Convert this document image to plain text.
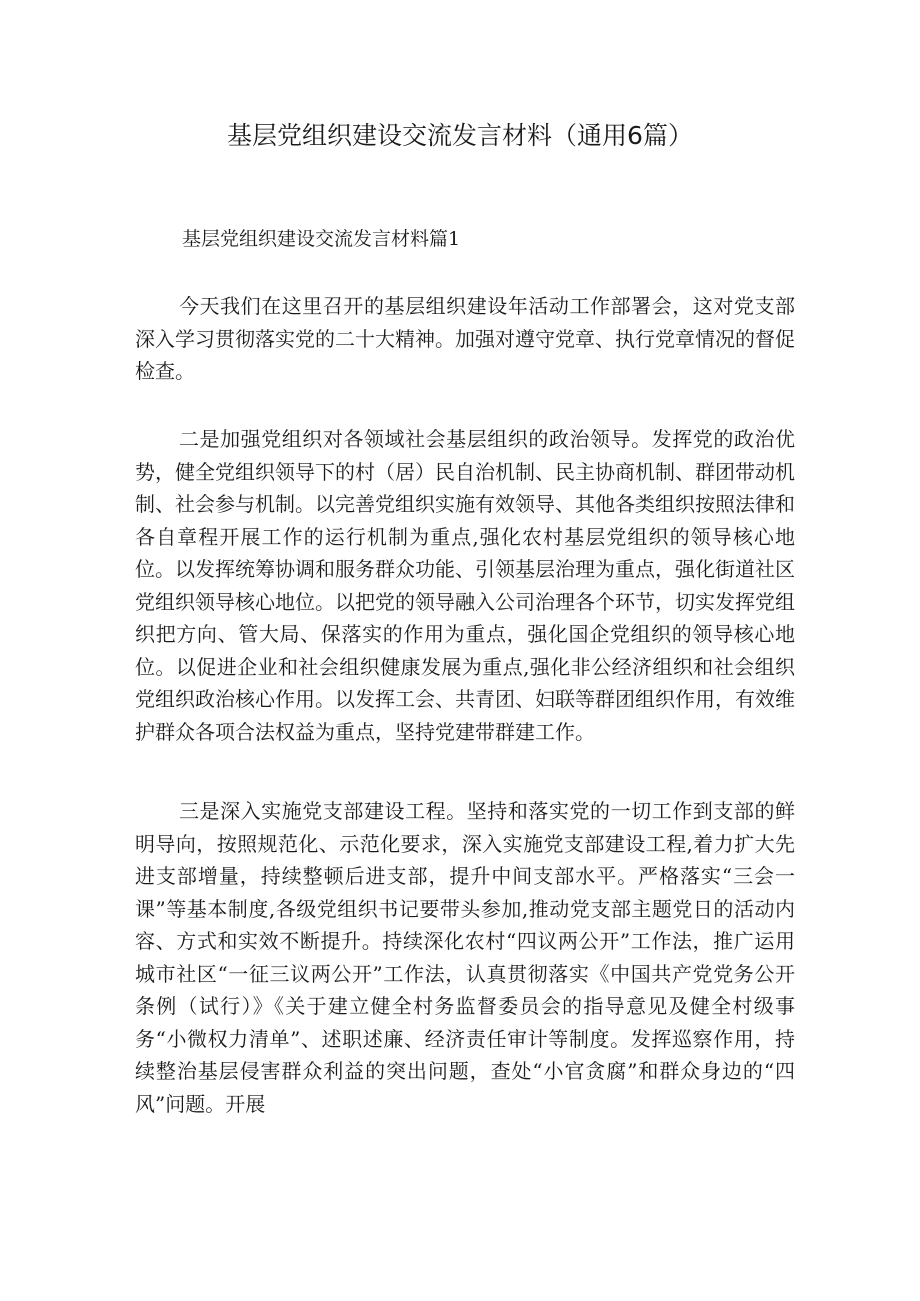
基层党组织建设交流发言材料（通用6篇）
基层党组织建设交流发言材料篇1

今天我们在这里召开的基层组织建设年活动工作部署会，这对党支部深入学习贯彻落实党的二十大精神。加强对遵守党章、执行党章情况的督促检查。

二是加强党组织对各领域社会基层组织的政治领导。发挥党的政治优势，健全党组织领导下的村（居）民自治机制、民主协商机制、群团带动机制、社会参与机制。以完善党组织实施有效领导、其他各类组织按照法律和各自章程开展工作的运行机制为重点,强化农村基层党组织的领导核心地位。以发挥统筹协调和服务群众功能、引领基层治理为重点，强化街道社区党组织领导核心地位。以把党的领导融入公司治理各个环节，切实发挥党组织把方向、管大局、保落实的作用为重点，强化国企党组织的领导核心地位。以促进企业和社会组织健康发展为重点,强化非公经济组织和社会组织党组织政治核心作用。以发挥工会、共青团、妇联等群团组织作用，有效维护群众各项合法权益为重点，坚持党建带群建工作。

三是深入实施党支部建设工程。坚持和落实党的一切工作到支部的鲜明导向，按照规范化、示范化要求，深入实施党支部建设工程,着力扩大先进支部增量，持续整顿后进支部，提升中间支部水平。严格落实“三会一课”等基本制度,各级党组织书记要带头参加,推动党支部主题党日的活动内容、方式和实效不断提升。持续深化农村“四议两公开”工作法，推广运用城市社区“一征三议两公开”工作法，认真贯彻落实《中国共产党党务公开条例（试行）》《关于建立健全村务监督委员会的指导意见及健全村级事务“小微权力清单”、述职述廉、经济责任审计等制度。发挥巡察作用，持续整治基层侵害群众利益的突出问题，查处“小官贪腐”和群众身边的“四风”问题。开展
